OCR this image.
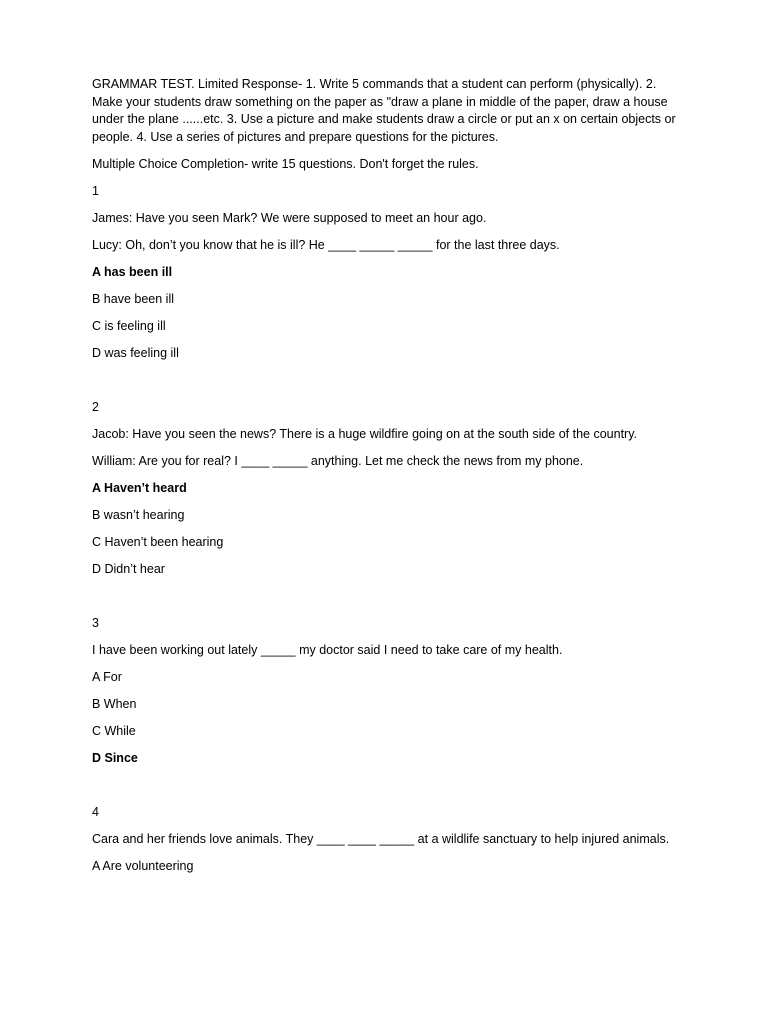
GRAMMAR TEST. Limited Response- 1. Write 5 commands that a student can perform (physically). 2. Make your students draw something on the paper as "draw a plane in middle of the paper, draw a house under the plane ......etc. 3. Use a picture and make students draw a circle or put an x on certain objects or people. 4. Use a series of pictures and prepare questions for the pictures.

Multiple Choice Completion- write 15 questions. Don't forget the rules.

1

James: Have you seen Mark? We were supposed to meet an hour ago.

Lucy: Oh, don’t you know that he is ill? He ____ _____ _____ for the last three days.

A has been ill

B have been ill

C is feeling ill

D was feeling ill

2

Jacob: Have you seen the news? There is a huge wildfire going on at the south side of the country.

William: Are you for real? I ____ _____ anything. Let me check the news from my phone.

A Haven’t heard

B wasn’t hearing

C Haven’t been hearing

D Didn’t hear

3

I have been working out lately _____ my doctor said I need to take care of my health.

A For

B When

C While

D Since

4

Cara and her friends love animals. They ____ ____ _____ at a wildlife sanctuary to help injured animals.

A Are volunteering
